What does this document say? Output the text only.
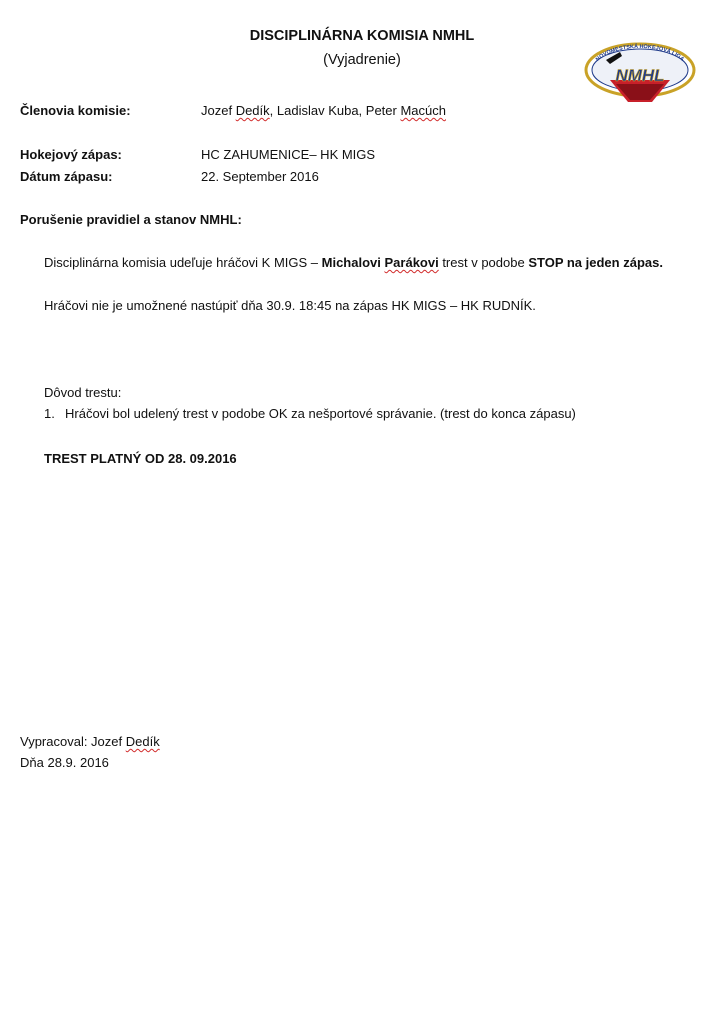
DISCIPLINÁRNA KOMISIA NMHL
(Vyjadrenie)	NOVOMESTSKÁ HOKEJOVÁ LIGA
NMHL
Členovia komisie:	Jozef Dedík, Ladislav Kuba, Peter Macúch
Hokejový zápas:	HC ZAHUMENICE– HK MIGS
Dátum zápasu:	22. September 2016
Porušenie pravidiel a stanov NMHL:
Disciplinárna komisia udeľuje hráčovi K MIGS – Michalovi Parákovi trest v podobe STOP na jeden zápas.
Hráčovi nie je umožnené nastúpiť dňa 30.9. 18:45 na zápas HK MIGS – HK RUDNÍK.
Dôvod trestu:
1. Hráčovi bol udelený trest v podobe OK za nešportové správanie. (trest do konca zápasu)
TREST PLATNÝ OD 28. 09.2016
Vypracoval: Jozef Dedík
Dňa 28.9. 2016
